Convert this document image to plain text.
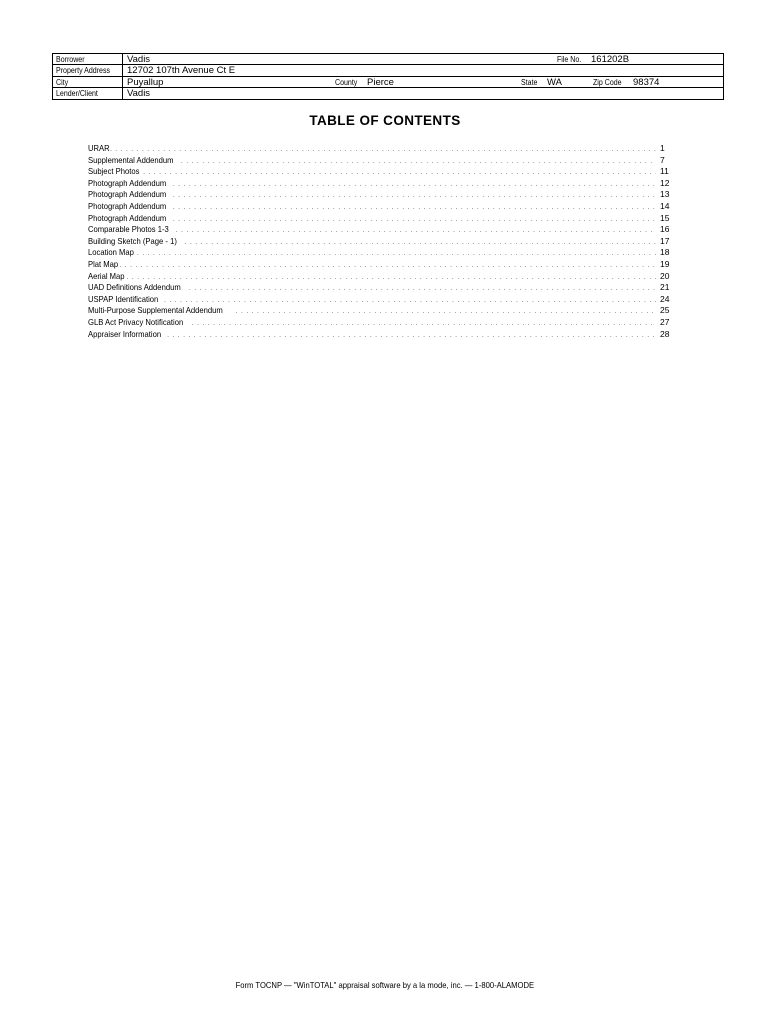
Borrower	Vadis	File No. 161202B
Property Address 12702 107th Avenue Ct E
City	Puyallup	County Pierce	State WA	Zip Code 98374
Lender/Client	Vadis
TABLE OF CONTENTS
URAR . . .	1
Supplemental Addendum . . .	7
Subject Photos . . .	11
Photograph Addendum . . .	12
Photograph Addendum . . .	13
Photograph Addendum . . .	14
Photograph Addendum . . .	15
Comparable Photos 1-3 . . .	16
Building Sketch (Page - 1) . . .	17
Location Map . . .	18
Plat Map . . .	19
Aerial Map . . .	20
UAD Definitions Addendum . . .	21
USPAP Identification . . .	24
Multi-Purpose Supplemental Addendum . . .	25
GLB Act Privacy Notification . . .	27
Appraiser Information . . .	28
Form TOCNP — "WinTOTAL" appraisal software by a la mode, inc. — 1-800-ALAMODE
